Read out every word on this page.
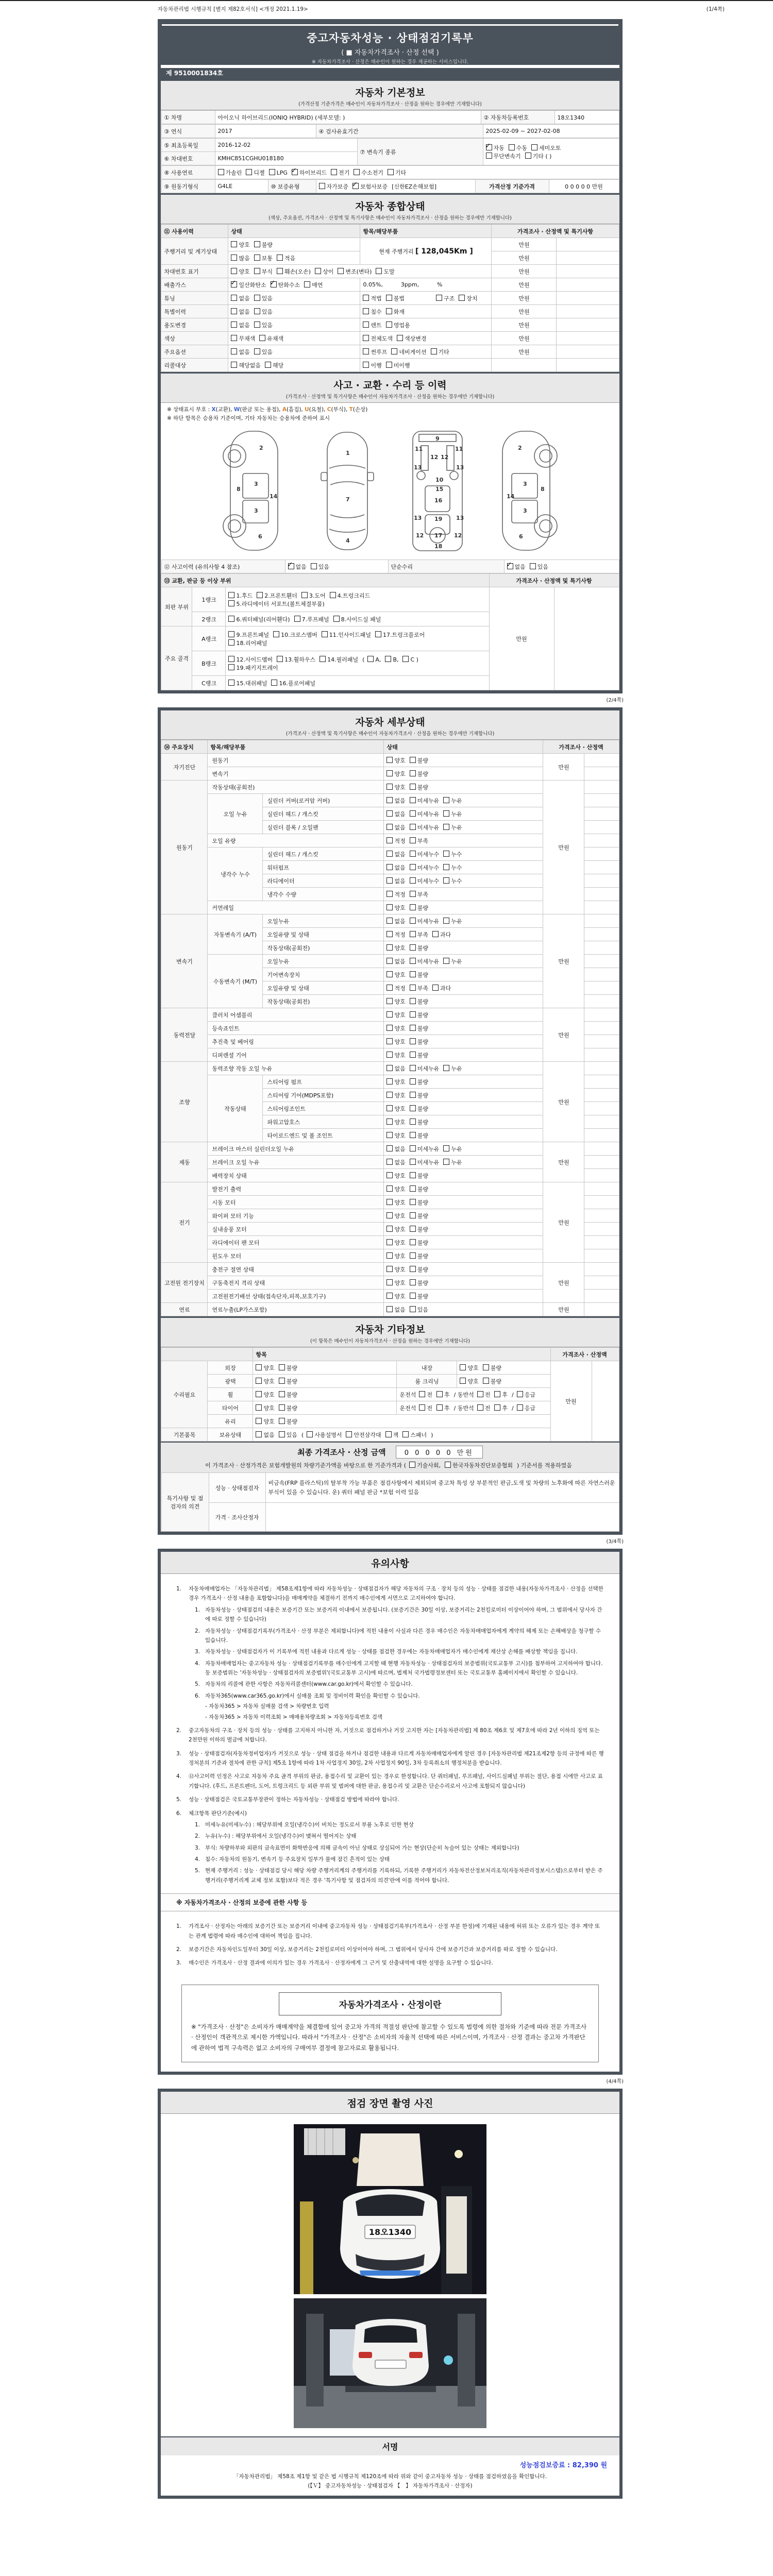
자동차관리법 시행규칙 [별지 제82호서식] <개정 2021.1.19>	(1/4쪽)
중고자동차성능 · 상태점검기록부
( ■ 자동차가격조사 · 산정 선택 )
※ 자동차가격조사 · 산정은 매수인이 원하는 경우 제공하는 서비스입니다.
제 9510001834호
자동차 기본정보
(가격산정 기준가격은 매수인이 자동차가격조사 · 산정을 원하는 경우에만 기재합니다)
① 차명	아이오닉 하이브리드(IONIQ HYBRID) (세부모델: )	② 자동차등록번호	18오1340
③ 연식	2017	④ 검사유효기간	2025-02-09 ~ 2027-02-08
⑤ 최초등록일	2016-12-02	⑦ 변속기 종류	✓자동 수동 세미오토
무단변속기 기타 ( )
⑥ 차대번호	KMHC851CGHU018180		
⑧ 사용연료	가솔린 디젤 LPG ✓ 하이브리드 전기 수소전기 기타
⑨ 원동기형식	G4LE	⑩ 보증유형	자가보증 ✓ 보험사보증 [신한EZ손해보험]	가격산정 기준가격	0 0 0 0 0 만원
자동차 종합상태
(색상, 주요옵션, 가격조사 · 산정액 및 특기사항은 매수인이 자동차가격조사 · 산정을 원하는 경우에만 기재합니다)
⑪ 사용이력	상태	항목/해당부품	가격조사 · 산정액 및 특기사항	
주행거리 및 계기상태	양호 불량	현재 주행거리 [ 128,045Km ]	만원	
	많음 보통 적음		만원	
차대번호 표기	양호 부식 훼손(오손) 상이 변조(변타) 도말		만원	
배출가스	✓일산화탄소 ✓ 탄화수소 매연	0.05%,          3ppm,          %	만원	
튜닝	없음 있음	적법 불법 구조 장치	만원	
특별이력	없음 있음	침수 화재	만원	
용도변경	없음 있음	렌트 영업용	만원	
색상	무채색 유채색	전체도색 색상변경	만원	
주요옵션	없음 있음	썬루프 네비게이션 기타	만원	
리콜대상	해당없음 해당	이행 미이행		
사고 · 교환 · 수리 등 이력
(가격조사 · 산정액 및 특기사항은 매수인이 자동차가격조사 · 산정을 원하는 경우에만 기재합니다)
※ 상태표시 부호 : X(교환), W(판금 또는 용접), A(흠집), U(요철), C(부식), T(손상)
※ 하단 항목은 승용차 기준이며, 기타 자동차는 승용차에 준하여 표시
2
8
3
3
14
6
1
7
4
9
11	11
13	13
12 12
10
15
16
19
13	13
12	12
17
18
2
8
3
3
14
6
⑫ 사고이력 (유의사항 4 참조)	✓없음 있음	단순수리	✓없음 있음
⑬ 교환, 판금 등 이상 부위			가격조사 · 산정액 및 특기사항	
외판 부위	1랭크	1.후드 2.프론트휀더 3.도어 4.트렁크리드
5.라디에이터 서포트(볼트체결부품)	만원	
	2랭크	6.쿼터패널(리어휀다) 7.루프패널 8.사이드실 패널		
주요 골격	A랭크	9.프론트패널 10.크로스멤버 11.인사이드패널 17.트렁크플로어
18.리어패널		
	B랭크	12.사이드멤버 13.휠하우스 14.필러패널 ( A, B, C )
19.패키지트레이		
	C랭크	15.대쉬패널 16.플로어패널		
(2/4쪽)
자동차 세부상태
(가격조사 · 산정액 및 특기사항은 매수인이 자동차가격조사 · 산정을 원하는 경우에만 기재합니다)
⑭ 주요장치	항목/해당부품		상태	가격조사 · 산정액	
자기진단	원동기		양호 불량	만원	
	변속기		양호 불량		
원동기	작동상태(공회전)		양호 불량	만원	
	오일 누유	실린더 커버(로커암 커버)	없음 미세누유 누유		
		실린더 헤드 / 개스킷	없음 미세누유 누유		
		실린더 블록 / 오일팬	없음 미세누유 누유		
	오일 유량		적정 부족		
	냉각수 누수	실린더 헤드 / 개스킷	없음 미세누수 누수		
		워터펌프	없음 미세누수 누수		
		라디에이터	없음 미세누수 누수		
		냉각수 수량	적정 부족		
	커먼레일		양호 불량		
변속기	자동변속기 (A/T)	오일누유	없음 미세누유 누유	만원	
		오일유량 및 상태	적정 부족 과다		
		작동상태(공회전)	양호 불량		
	수동변속기 (M/T)	오일누유	없음 미세누유 누유		
		기어변속장치	양호 불량		
		오일유량 및 상태	적정 부족 과다		
		작동상태(공회전)	양호 불량		
동력전달	클러치 어셈블리		양호 불량	만원	
	등속죠인트		양호 불량		
	추진축 및 베어링		양호 불량		
	디퍼렌셜 기어		양호 불량		
조향	동력조향 작동 오일 누유		없음 미세누유 누유	만원	
	작동상태	스티어링 펌프	양호 불량		
		스티어링 기어(MDPS포함)	양호 불량		
		스티어링조인트	양호 불량		
		파워고압호스	양호 불량		
		타이로드엔드 및 볼 조인트	양호 불량		
제동	브레이크 마스터 실린더오일 누유		없음 미세누유 누유	만원	
	브레이크 오일 누유		없음 미세누유 누유		
	배력장치 상태		양호 불량		
전기	발전기 출력		양호 불량	만원	
	시동 모터		양호 불량		
	와이퍼 모터 기능		양호 불량		
	실내송풍 모터		양호 불량		
	라디에이터 팬 모터		양호 불량		
	윈도우 모터		양호 불량		
고전원 전기장치	충전구 절연 상태		양호 불량	만원	
	구동축전지 격리 상태		양호 불량		
	고전원전기배선 상태(접속단자,피복,보호기구)		양호 불량		
연료	연료누출(LP가스포함)		없음 있음	만원	
자동차 기타정보
(이 항목은 매수인이 자동차가격조사 · 산정을 원하는 경우에만 기재합니다)
		항목			가격조사 · 산정액	
수리필요	외장	양호 불량	내장	양호 불량	만원	
	광택	양호 불량	룸 크리닝	양호 불량		
	휠	양호 불량	운전석 전 후 / 동반석 전 후 / 응급			
	타이어	양호 불량	운전석 전 후 / 동반석 전 후 / 응급			
	유리	양호 불량				
기본품목	보유상태	없음 있음 ( 사용설명서 안전삼각대 잭 스패너 )				
최종 가격조사 · 산정 금액	0 0 0 0 0 만원
이 가격조사 · 산정가격은 보험개발원의 차량기준가액을 바탕으로 한 기준가격과 ( 기술사회, 한국자동차진단보증협회 ) 기준서를 적용하였음
특기사항 및 점검자의 의견	성능 · 상태점검자	비금속(FRP 플라스틱)의 탈부착 가능 부품은 점검사항에서 제외되며 중고차 특성 상 부분적인 판금,도색 및 차량의 노후화에 따른 자연스러운 부식이 있을 수 있습니다. 운) 쿼터 패널 판금 *보험 이력 있음
	가격 · 조사산정자	
(3/4쪽)
유의사항
1.	자동차매매업자는 「자동차관리법」 제58조제1항에 따라 자동차성능 · 상태점검자가 해당 자동차의 구조 · 장치 등의 성능 · 상태를 점검한 내용(자동차가격조사 · 산정을 선택한 경우 가격조사 · 산정 내용을 포함합니다)을 매매계약을 체결하기 전까지 매수인에게 서면으로 고지하여야 합니다.
1. 자동차성능 · 상태점검의 내용은 보증기간 또는 보증거리 이내에서 보증됩니다. (보증기간은 30일 이상, 보증거리는 2천킬로미터 이상이어야 하며, 그 범위에서 당사자 간에 따로 정할 수 있습니다)
2. 자동차성능 · 상태점검기록부(가격조사 · 산정 부분은 제외합니다)에 적힌 내용이 사실과 다른 경우 매수인은 자동차매매업자에게 계약의 해제 또는 손해배상을 청구할 수 있습니다.
3. 자동차성능 · 상태점검자가 이 기록부에 적힌 내용과 다르게 성능 · 상태를 점검한 경우에는 자동차매매업자가 매수인에게 재산상 손해를 배상할 책임을 집니다.
4. 자동차매매업자는 중고자동차 성능 · 상태점검기록부를 매수인에게 고지할 때 현행 자동차성능 · 상태점검자의 보증범위(국토교통부 고시)를 첨부하여 고지하여야 합니다. 동 보증범위는 '자동차성능 · 상태점검자의 보증범위'(국토교통부 고시)에 따르며, 법제처 국가법령정보센터 또는 국토교통부 홈페이지에서 확인할 수 있습니다.
5. 자동차의 리콜에 관한 사항은 자동차리콜센터(www.car.go.kr)에서 확인할 수 있습니다.
6. 자동차365(www.car365.go.kr)에서 실매물 조회 및 정비이력 확인을 확인할 수 있습니다.
- 자동차365 > 자동차 실매물 검색 > 차량번호 입력
- 자동차365 > 자동차 이력조회 > 매매용차량조회 > 자동차등록번호 검색
2.	중고자동차의 구조 · 장치 등의 성능 · 상태를 고지하지 아니한 자, 거짓으로 점검하거나 거짓 고지한 자는 [자동차관리법] 제 80조 제6호 및 제7호에 따라 2년 이하의 징역 또는 2천만원 이하의 벌금에 처합니다.
3.	성능 · 상태점검자(자동차정비업자)가 거짓으로 성능 · 상태 점검을 하거나 점검한 내용과 다르게 자동차매매업자에게 알린 경우 [자동차관리법 제21조제2항 등의 규정에 따른 행정처분의 기준과 절차에 관한 규칙] 제5조 1항에 따라 1차 사업정지 30일, 2차 사업정지 90일, 3차 등록취소의 행정처분을 받습니다.
4.	⑫사고이력 인정은 사고로 자동차 주요 골격 부위의 판금, 용접수리 및 교환이 있는 경우로 한정합니다. 단 쿼터패널, 루프패널, 사이드실패널 부위는 절단, 용접 시에만 사고로 표기합니다. (후드, 프론트펜더, 도어, 트렁크리드 등 외판 부위 및 범퍼에 대한 판금, 용접수리 및 교환은 단순수리로서 사고에 포함되지 않습니다)
5.	성능 · 상태점검은 국토교통부장관이 정하는 자동차성능 · 상태점검 방법에 따라야 합니다.
6.	체크항목 판단기준(예시)
1. 미세누유(미세누수) : 해당부위에 오일(냉각수)이 비치는 정도로서 부품 노후로 인한 현상
2. 누유(누수) : 해당부위에서 오일(냉각수)이 맺혀서 떨어지는 상태
3. 부식: 차량하부와 외판의 금속표면이 화학반응에 의해 금속이 아닌 상태로 상실되어 가는 현상(단순히 녹슬어 있는 상태는 제외합니다)
4. 침수: 자동차의 원동기, 변속기 등 주요장치 일부가 물에 잠긴 흔적이 있는 상태
5. 현재 주행거리 : 성능 · 상태점검 당시 해당 차량 주행거리계의 주행거리를 기록하되, 기록한 주행거리가 자동차전산정보처리조직(자동차관리정보시스템)으로부터 받은 주행거리(주행거리계 교체 정보 포함)보다 적은 경우 '특기사항 및 점검자의 의견'란에 이를 적어야 합니다.
※ 자동차가격조사 · 산정의 보증에 관한 사항 등
1.	가격조사 · 산정자는 아래의 보증기간 또는 보증거리 이내에 중고자동차 성능 · 상태점검기록부(가격조사 · 산정 부분 한정)에 기재된 내용에 허위 또는 오류가 있는 경우 계약 또는 관계 법령에 따라 매수인에 대하여 책임을 집니다.
2.	보증기간은 자동차인도일부터 30일 이상, 보증거리는 2천킬로미터 이상이어야 하며, 그 범위에서 당사자 간에 보증기간과 보증거리를 따로 정할 수 있습니다.
3.	매수인은 가격조사 · 산정 결과에 이의가 있는 경우 가격조사 · 산정자에게 그 근거 및 산출내역에 대한 설명을 요구할 수 있습니다.
자동차가격조사 · 산정이란
※ "가격조사 · 산정"은 소비자가 매매계약을 체결함에 있어 중고차 가격의 적절성 판단에 참고할 수 있도록 법령에 의한 절차와 기준에 따라 전문 가격조사 · 산정인이 객관적으로 제시한 가액입니다. 따라서 "가격조사 · 산정"은 소비자의 자율적 선택에 따른 서비스이며, 가격조사 · 산정 결과는 중고차 가격판단에 관하여 법적 구속력은 없고 소비자의 구매여부 결정에 참고자료로 활용됩니다.
(4/4쪽)
점검 장면 촬영 사진
18오1340
서명
성능점검보증료 : 82,390 원
「자동차관리법」 제58조 제1항 및 같은 법 시행규칙 제120조에 따라 위와 같이 중고자동차 성능 · 상태를 점검하였음을 확인합니다.
(【Ｖ】 중고자동차성능 · 상태점검자 【　】 자동차가격조사 · 산정자)
